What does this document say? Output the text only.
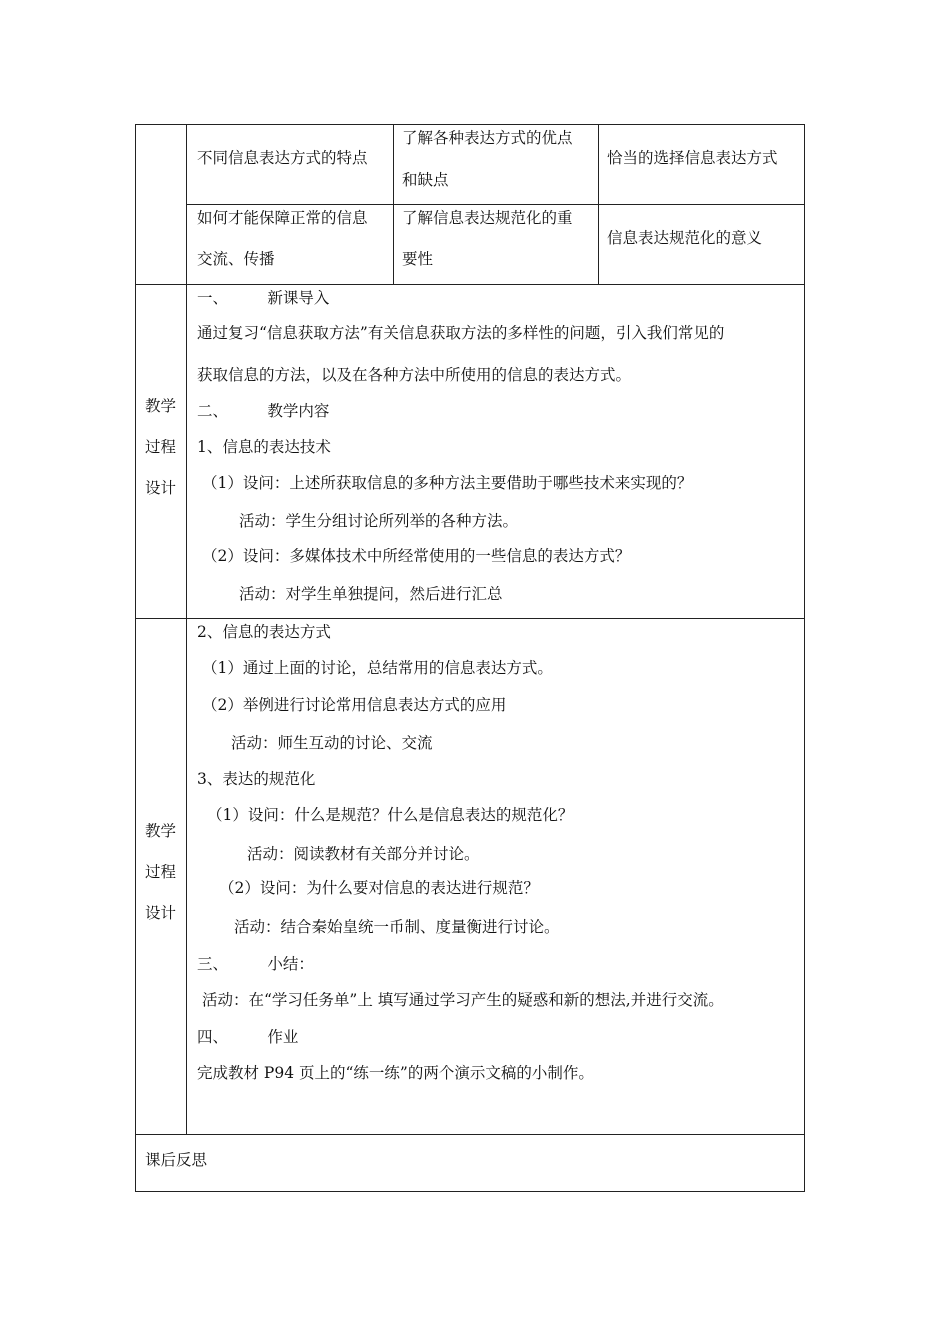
不同信息表达方式的特点
了解各种表达方式的优点
和缺点
恰当的选择信息表达方式
如何才能保障正常的信息
交流、传播
了解信息表达规范化的重
要性
信息表达规范化的意义
教学
过程
设计
一、        新课导入
通过复习“信息获取方法”有关信息获取方法的多样性的问题，引入我们常见的
获取信息的方法，以及在各种方法中所使用的信息的表达方式。
二、        教学内容
1、信息的表达技术
（1）设问：上述所获取信息的多种方法主要借助于哪些技术来实现的？
活动：学生分组讨论所列举的各种方法。
（2）设问：多媒体技术中所经常使用的一些信息的表达方式？
活动：对学生单独提问，然后进行汇总
教学
过程
设计
2、信息的表达方式
（1）通过上面的讨论，总结常用的信息表达方式。
（2）举例进行讨论常用信息表达方式的应用
活动：师生互动的讨论、交流
3、表达的规范化
（1）设问：什么是规范？什么是信息表达的规范化？
活动：阅读教材有关部分并讨论。
（2）设问：为什么要对信息的表达进行规范？
活动：结合秦始皇统一币制、度量衡进行讨论。
三、        小结：
活动：在“学习任务单”上 填写通过学习产生的疑惑和新的想法,并进行交流。
四、        作业
完成教材 P94 页上的“练一练”的两个演示文稿的小制作。
课后反思
